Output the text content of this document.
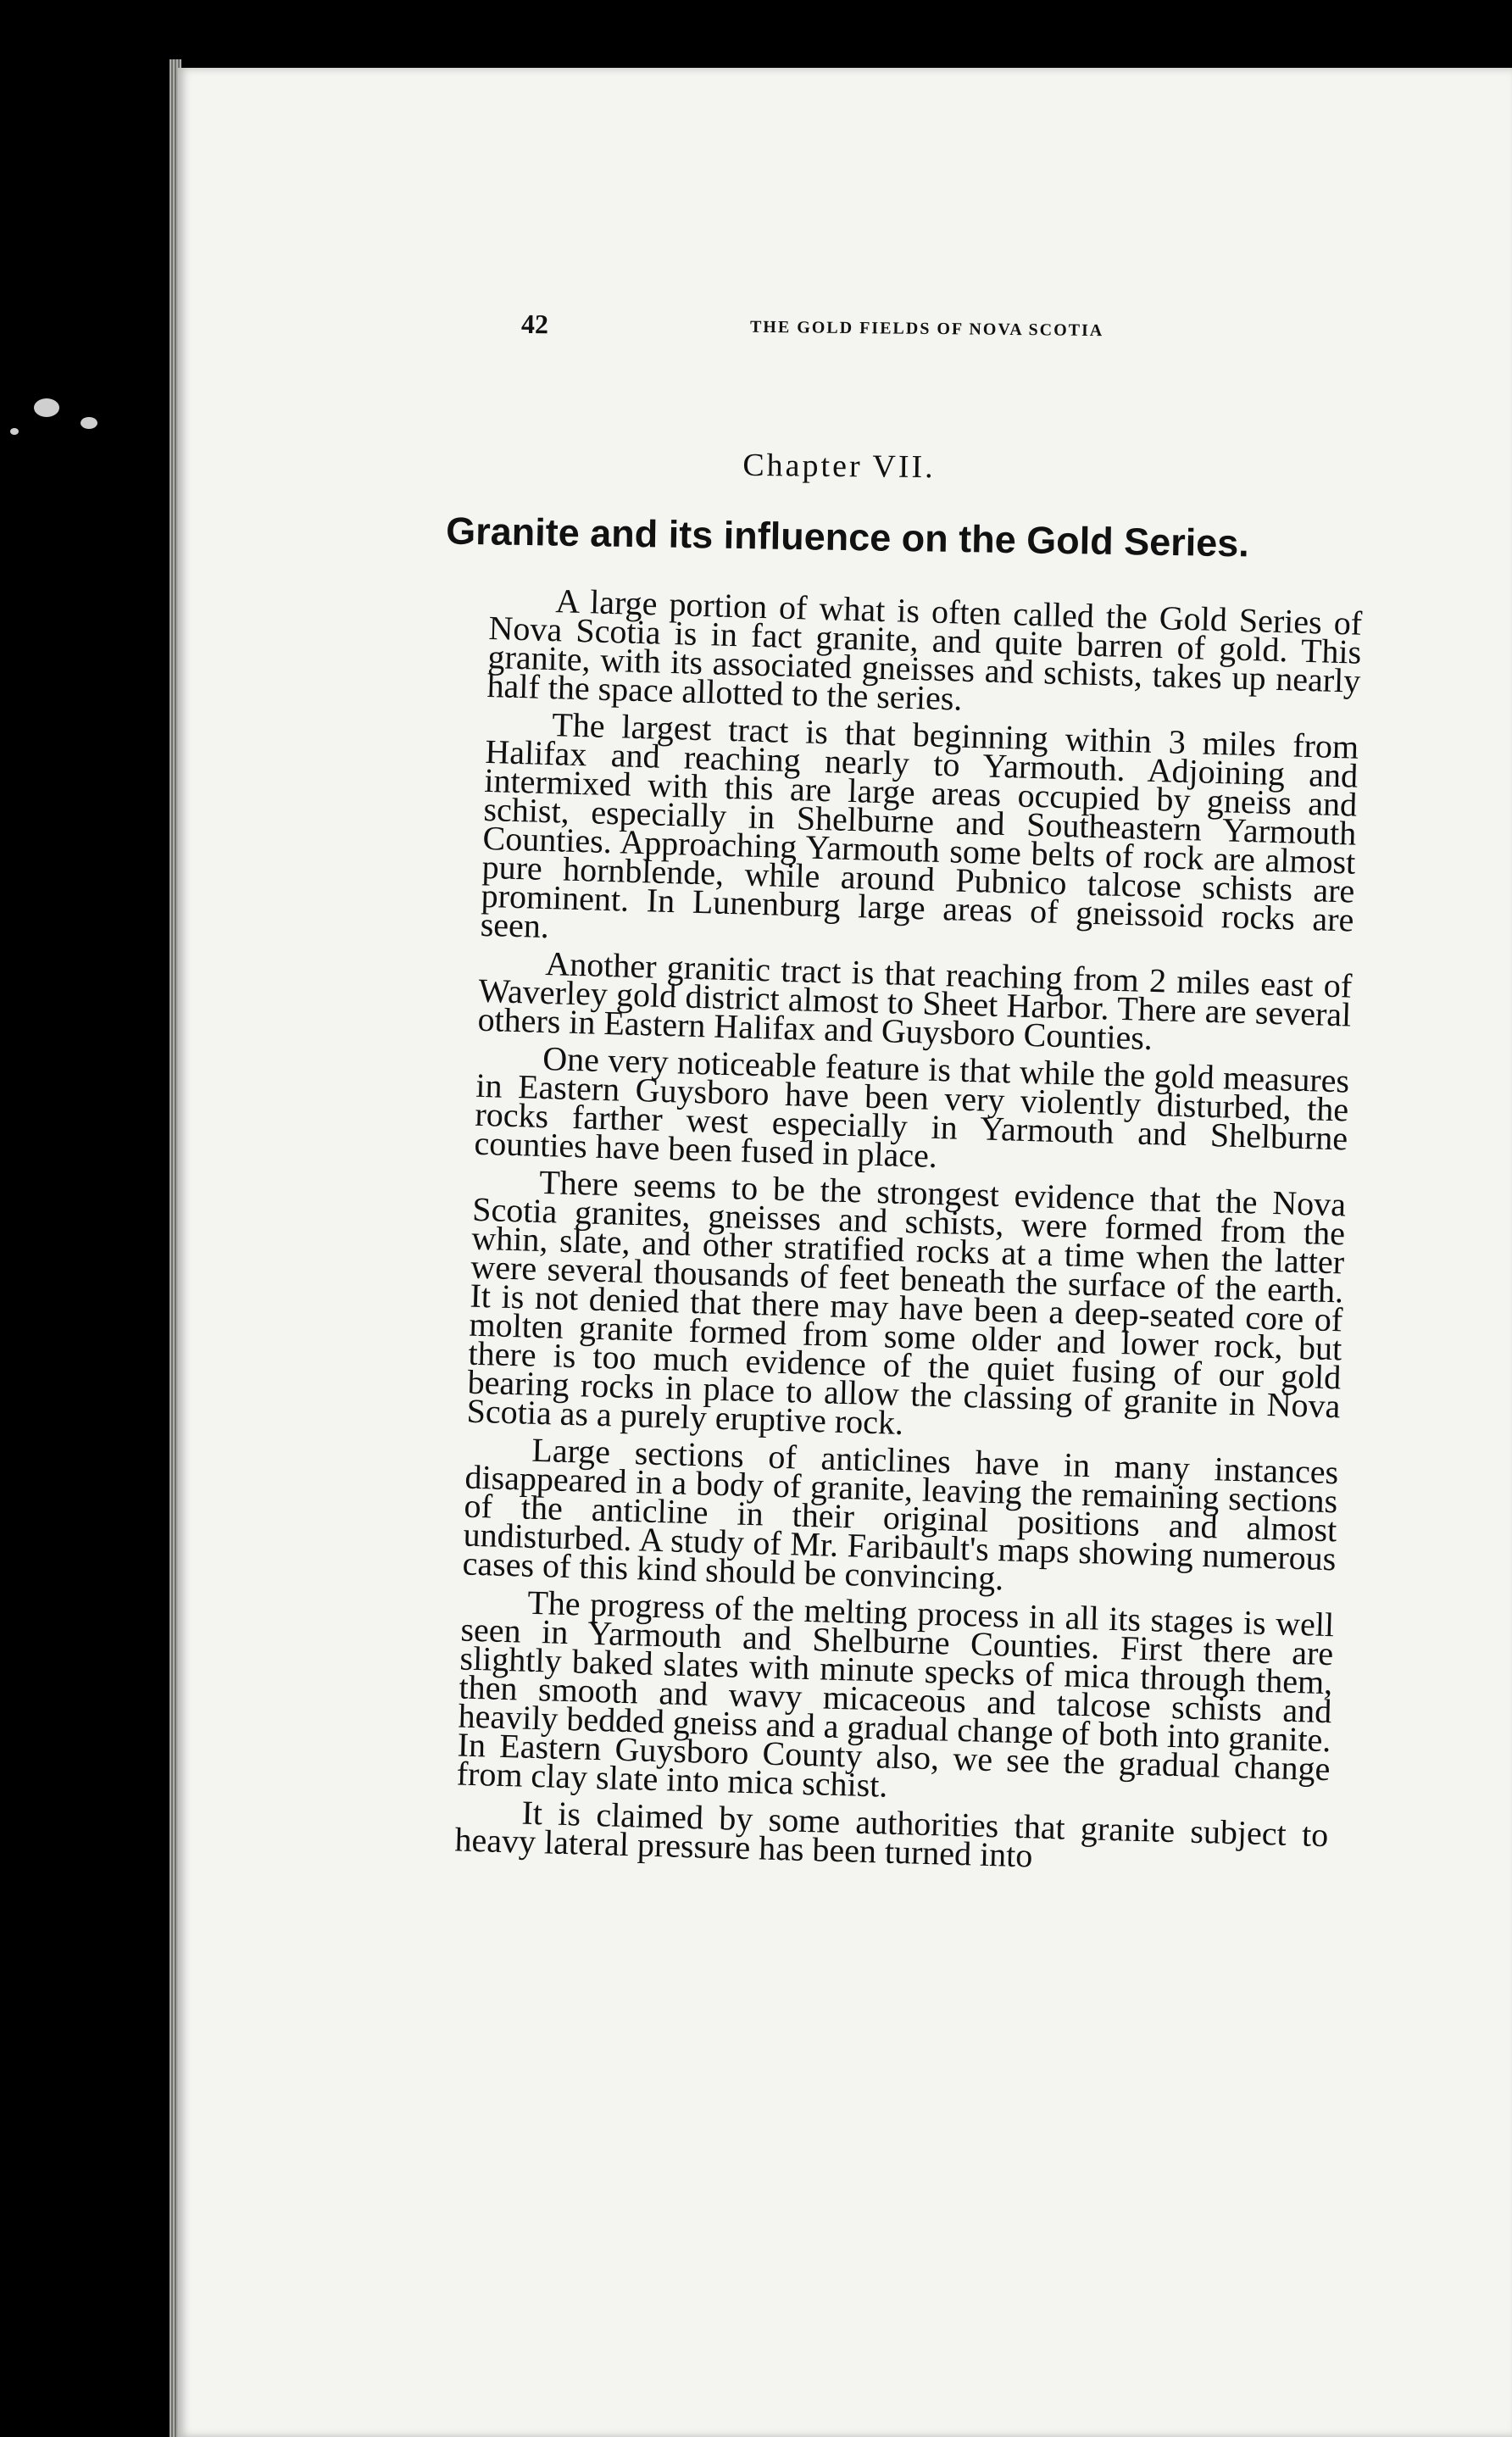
42	THE GOLD FIELDS OF NOVA SCOTIA
Chapter VII.
Granite and its influence on the Gold Series.

A large portion of what is often called the Gold Series of Nova Scotia is in fact granite, and quite barren of gold. This granite, with its associated gneisses and schists, takes up nearly half the space allotted to the series.

The largest tract is that beginning within 3 miles from Halifax and reaching nearly to Yarmouth. Adjoining and intermixed with this are large areas occupied by gneiss and schist, especially in Shelburne and Southeastern Yarmouth Counties. Approaching Yarmouth some belts of rock are almost pure hornblende, while around Pubnico talcose schists are prominent. In Lunenburg large areas of gneissoid rocks are seen.

Another granitic tract is that reaching from 2 miles east of Waverley gold district almost to Sheet Harbor. There are several others in Eastern Halifax and Guysboro Counties.

One very noticeable feature is that while the gold measures in Eastern Guysboro have been very violently disturbed, the rocks farther west especially in Yarmouth and Shelburne counties have been fused in place.

There seems to be the strongest evidence that the Nova Scotia granites, gneisses and schists, were formed from the whin, slate, and other stratified rocks at a time when the latter were several thousands of feet beneath the surface of the earth. It is not denied that there may have been a deep-seated core of molten granite formed from some older and lower rock, but there is too much evidence of the quiet fusing of our gold bearing rocks in place to allow the classing of granite in Nova Scotia as a purely eruptive rock.

Large sections of anticlines have in many instances disappeared in a body of granite, leaving the remaining sections of the anticline in their original positions and almost undisturbed. A study of Mr. Faribault's maps showing numerous cases of this kind should be convincing.

The progress of the melting process in all its stages is well seen in Yarmouth and Shelburne Counties. First there are slightly baked slates with minute specks of mica through them, then smooth and wavy micaceous and talcose schists and heavily bedded gneiss and a gradual change of both into granite. In Eastern Guysboro County also, we see the gradual change from clay slate into mica schist.

It is claimed by some authorities that granite subject to heavy lateral pressure has been turned into
